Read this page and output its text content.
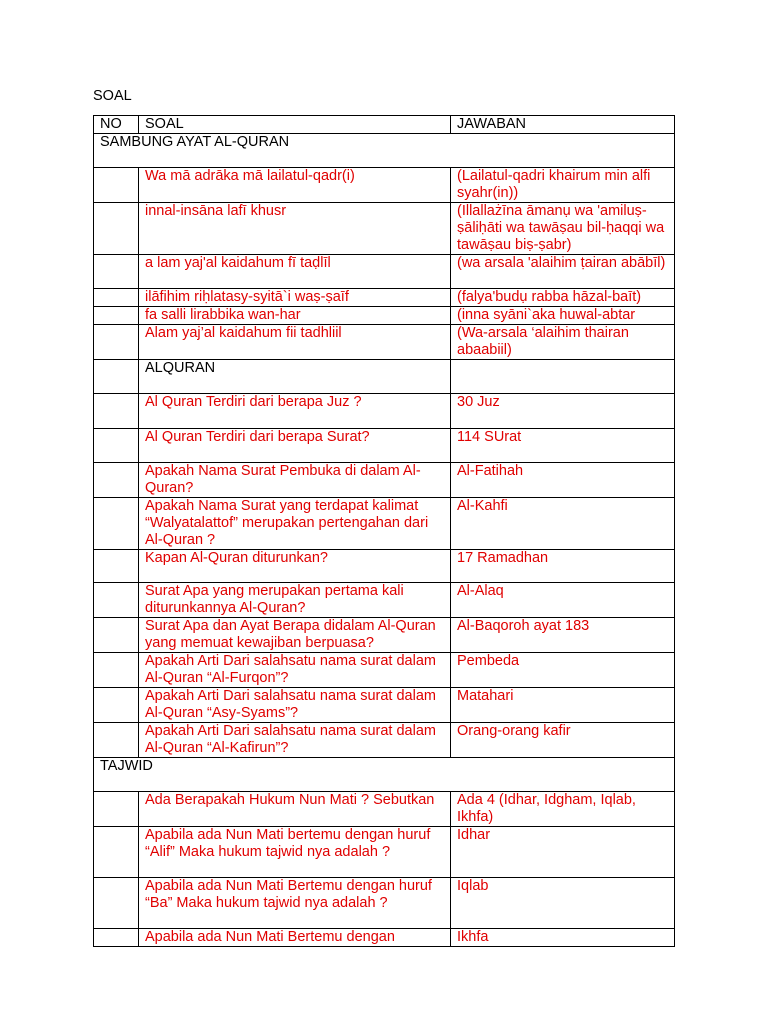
SOAL
NO	SOAL	JAWABAN
SAMBUNG AYAT AL-QURAN		
	Wa mā adrāka mā lailatul-qadr(i)	(Lailatul-qadri khairum min alfi syahr(in))
	innal-insāna lafī khusr	(Illallażīna āmanụ wa 'amiluṣ-ṣāliḥāti wa tawāṣau bil-ḥaqqi wa tawāṣau biṣ-ṣabr)
	a lam yaj'al kaidahum fī taḍlīl	(wa arsala 'alaihim ṭairan abābīl)
	ilāfihim riḥlatasy-syitā`i waṣ-ṣaīf	(falya'budụ rabba hāzal-baīt)
	fa salli lirabbika wan-har	(inna syāni`aka huwal-abtar
	Alam yaj’al kaidahum fii tadhliil	(Wa-arsala ‘alaihim thairan abaabiil)
	ALQURAN	
	Al Quran Terdiri dari berapa Juz ?	30 Juz
	Al Quran Terdiri dari berapa Surat?	114 SUrat
	Apakah Nama Surat Pembuka di dalam Al-Quran?	Al-Fatihah
	Apakah Nama Surat yang terdapat kalimat “Walyatalattof” merupakan pertengahan dari Al-Quran ?	Al-Kahfi
	Kapan Al-Quran diturunkan?	17 Ramadhan
	Surat Apa yang merupakan pertama kali diturunkannya Al-Quran?	Al-Alaq
	Surat Apa dan Ayat Berapa didalam Al-Quran yang memuat kewajiban berpuasa?	Al-Baqoroh ayat 183
	Apakah Arti Dari salahsatu nama surat dalam Al-Quran “Al-Furqon”?	Pembeda
	Apakah Arti Dari salahsatu nama surat dalam Al-Quran “Asy-Syams”?	Matahari
	Apakah Arti Dari salahsatu nama surat dalam Al-Quran “Al-Kafirun”?	Orang-orang kafir
TAJWID		
	Ada Berapakah Hukum Nun Mati ? Sebutkan	Ada 4 (Idhar, Idgham, Iqlab, Ikhfa)
	Apabila ada Nun Mati bertemu dengan huruf “Alif” Maka hukum tajwid nya adalah ?	Idhar
	Apabila ada Nun Mati Bertemu dengan huruf “Ba” Maka hukum tajwid nya adalah ?	Iqlab
	Apabila ada Nun Mati Bertemu dengan	Ikhfa
